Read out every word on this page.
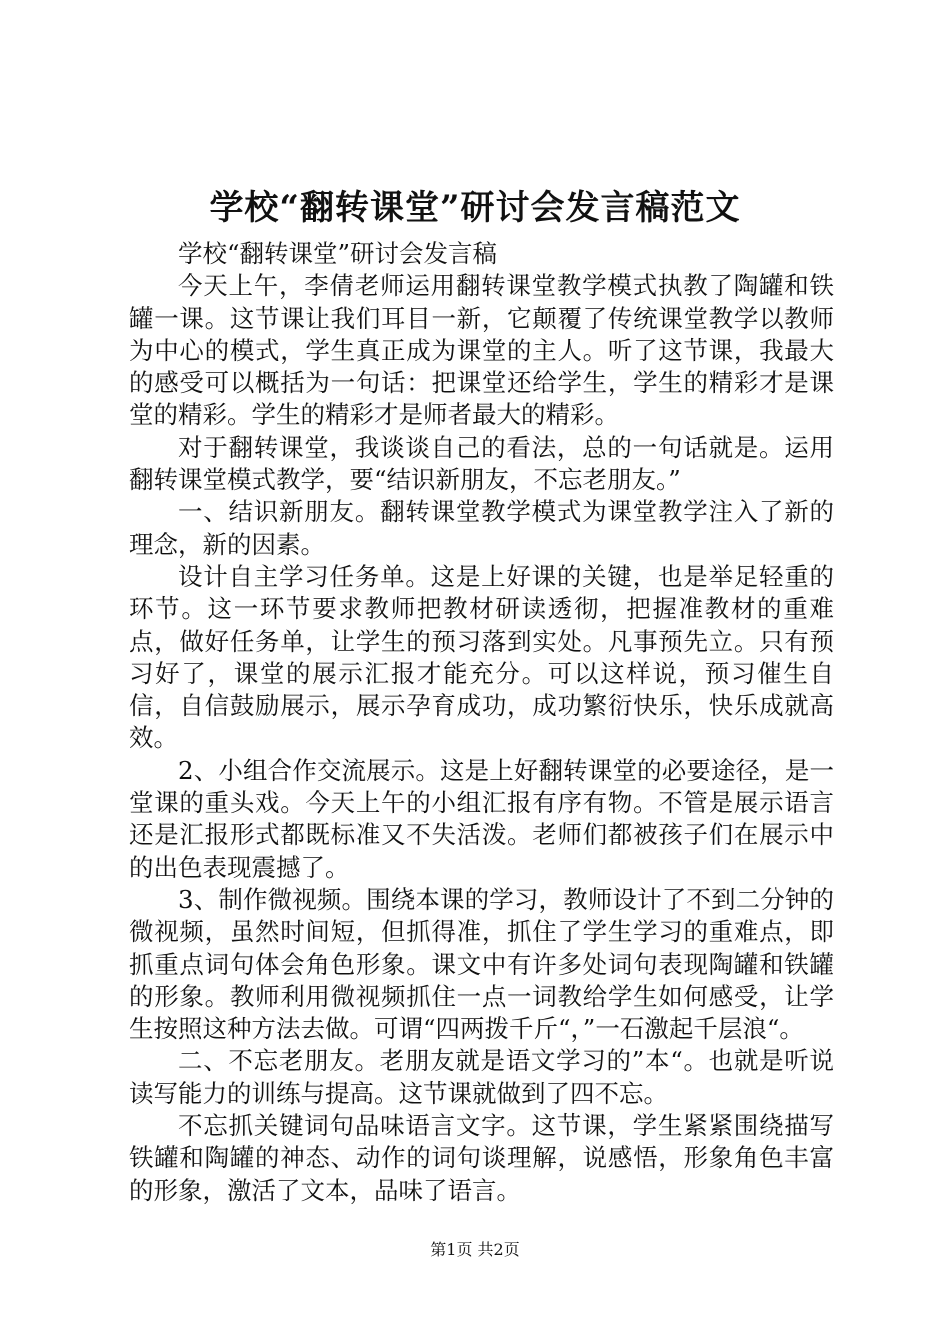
学校“翻转课堂”研讨会发言稿范文

学校“翻转课堂”研讨会发言稿

今天上午，李倩老师运用翻转课堂教学模式执教了陶罐和铁罐一课。这节课让我们耳目一新，它颠覆了传统课堂教学以教师为中心的模式，学生真正成为课堂的主人。听了这节课，我最大的感受可以概括为一句话：把课堂还给学生，学生的精彩才是课堂的精彩。学生的精彩才是师者最大的精彩。

对于翻转课堂，我谈谈自己的看法，总的一句话就是。运用翻转课堂模式教学，要“结识新朋友，不忘老朋友。”

一、结识新朋友。翻转课堂教学模式为课堂教学注入了新的理念，新的因素。

设计自主学习任务单。这是上好课的关键，也是举足轻重的环节。这一环节要求教师把教材研读透彻，把握准教材的重难点，做好任务单，让学生的预习落到实处。凡事预先立。只有预习好了，课堂的展示汇报才能充分。可以这样说，预习催生自信，自信鼓励展示，展示孕育成功，成功繁衍快乐，快乐成就高效。

2、小组合作交流展示。这是上好翻转课堂的必要途径，是一堂课的重头戏。今天上午的小组汇报有序有物。不管是展示语言还是汇报形式都既标准又不失活泼。老师们都被孩子们在展示中的出色表现震撼了。

3、制作微视频。围绕本课的学习，教师设计了不到二分钟的微视频，虽然时间短，但抓得准，抓住了学生学习的重难点，即抓重点词句体会角色形象。课文中有许多处词句表现陶罐和铁罐的形象。教师利用微视频抓住一点一词教给学生如何感受，让学生按照这种方法去做。可谓“四两拨千斤“，”一石激起千层浪“。

二、不忘老朋友。老朋友就是语文学习的”本“。也就是听说读写能力的训练与提高。这节课就做到了四不忘。

不忘抓关键词句品味语言文字。这节课，学生紧紧围绕描写铁罐和陶罐的神态、动作的词句谈理解，说感悟，形象角色丰富的形象，激活了文本，品味了语言。

第1页 共2页
